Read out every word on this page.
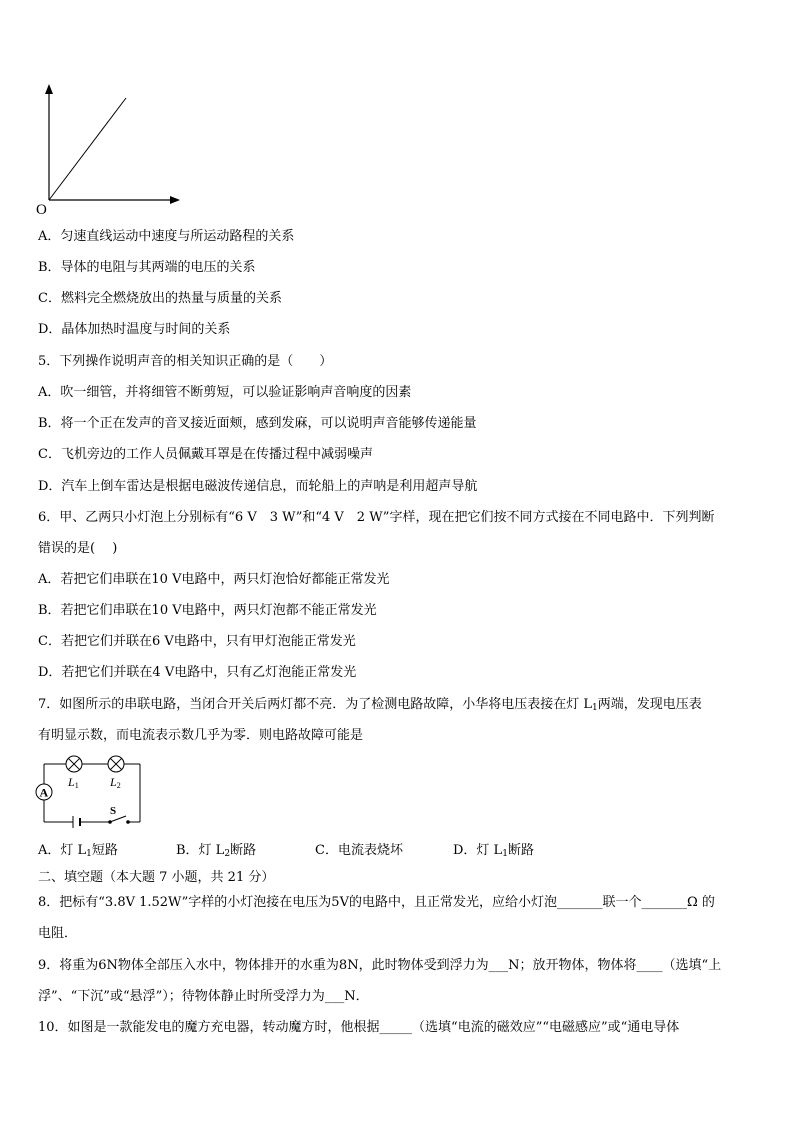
O
A．匀速直线运动中速度与所运动路程的关系
B．导体的电阻与其两端的电压的关系
C．燃料完全燃烧放出的热量与质量的关系
D．晶体加热时温度与时间的关系
5．下列操作说明声音的相关知识正确的是（　　）
A．吹一细管，并将细管不断剪短，可以验证影响声音响度的因素
B．将一个正在发声的音叉接近面颊，感到发麻，可以说明声音能够传递能量
C．飞机旁边的工作人员佩戴耳罩是在传播过程中减弱噪声
D．汽车上倒车雷达是根据电磁波传递信息，而轮船上的声呐是利用超声导航
6．甲、乙两只小灯泡上分别标有“6 V　3 W”和“4 V　2 W”字样，现在把它们按不同方式接在不同电路中．下列判断
错误的是(　 )
A．若把它们串联在10 V电路中，两只灯泡恰好都能正常发光
B．若把它们串联在10 V电路中，两只灯泡都不能正常发光
C．若把它们并联在6 V电路中，只有甲灯泡能正常发光
D．若把它们并联在4 V电路中，只有乙灯泡能正常发光
7．如图所示的串联电路，当闭合开关后两灯都不亮．为了检测电路故障，小华将电压表接在灯 $L_1$两端，发现电压表
有明显示数，而电流表示数几乎为零．则电路故障可能是
A
L1	L2
S
A．灯 $L_1$短路	B．灯 $L_2$断路	C．电流表烧坏	D．灯 $L_1$断路
二、填空题（本大题 7 小题，共 21 分）
8．把标有“3.8V 1.52W”字样的小灯泡接在电压为5V的电路中，且正常发光，应给小灯泡_______联一个_______Ω 的
电阻．
9．将重为6N物体全部压入水中，物体排开的水重为8N，此时物体受到浮力为___N；放开物体，物体将____（选填“上
浮”、“下沉”或“悬浮”）；待物体静止时所受浮力为___N．
10．如图是一款能发电的魔方充电器，转动魔方时，他根据_____（选填“电流的磁效应”“电磁感应”或“通电导体
